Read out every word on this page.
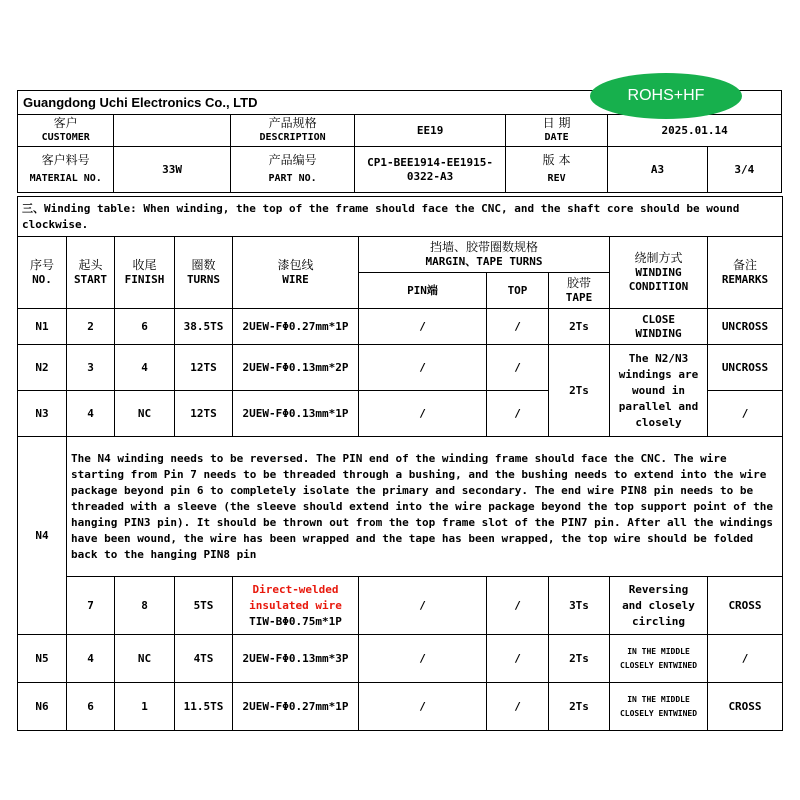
ROHS+HF
Guangdong Uchi Electronics Co., LTD						
客户
CUSTOMER		产品规格
DESCRIPTION	EE19	日 期
DATE	2025.01.14	
客户料号
MATERIAL NO.	33W	产品编号
PART NO.	CP1-BEE1914-EE1915-
0322-A3	版 本
REV	A3	3/4
三、Winding table: When winding, the top of the frame should face the CNC, and the shaft core should be wound clockwise.									
序号
NO.	起头
START	收尾
FINISH	圈数
TURNS	漆包线
WIRE	挡墙、胶带圈数规格
MARGIN、TAPE TURNS			绕制方式
WINDING
CONDITION	备注
REMARKS
					PIN端	TOP	胶带
TAPE		
N1	2	6	38.5TS	2UEW-FΦ0.27mm*1P	/	/	2Ts	CLOSE
WINDING	UNCROSS
N2	3	4	12TS	2UEW-FΦ0.13mm*2P	/	/	2Ts	The N2/N3 windings are wound in parallel and closely	UNCROSS
N3	4	NC	12TS	2UEW-FΦ0.13mm*1P	/	/			/
N4	The N4 winding needs to be reversed. The PIN end of the winding frame should face the CNC. The wire starting from Pin 7 needs to be threaded through a bushing, and the bushing needs to extend into the wire package beyond pin 6 to completely isolate the primary and secondary. The end wire PIN8 pin needs to be threaded with a sleeve (the sleeve should extend into the wire package beyond the top support point of the hanging PIN3 pin). It should be thrown out from the top frame slot of the PIN7 pin. After all the windings have been wound, the wire has been wrapped and the tape has been wrapped, the top wire should be folded back to the hanging PIN8 pin								
	7	8	5TS	Direct-welded
insulated wire
TIW-BΦ0.75m*1P	/	/	3Ts	Reversing
and closely
circling	CROSS
N5	4	NC	4TS	2UEW-FΦ0.13mm*3P	/	/	2Ts	IN THE MIDDLE
CLOSELY ENTWINED	/
N6	6	1	11.5TS	2UEW-FΦ0.27mm*1P	/	/	2Ts	IN THE MIDDLE
CLOSELY ENTWINED	CROSS
